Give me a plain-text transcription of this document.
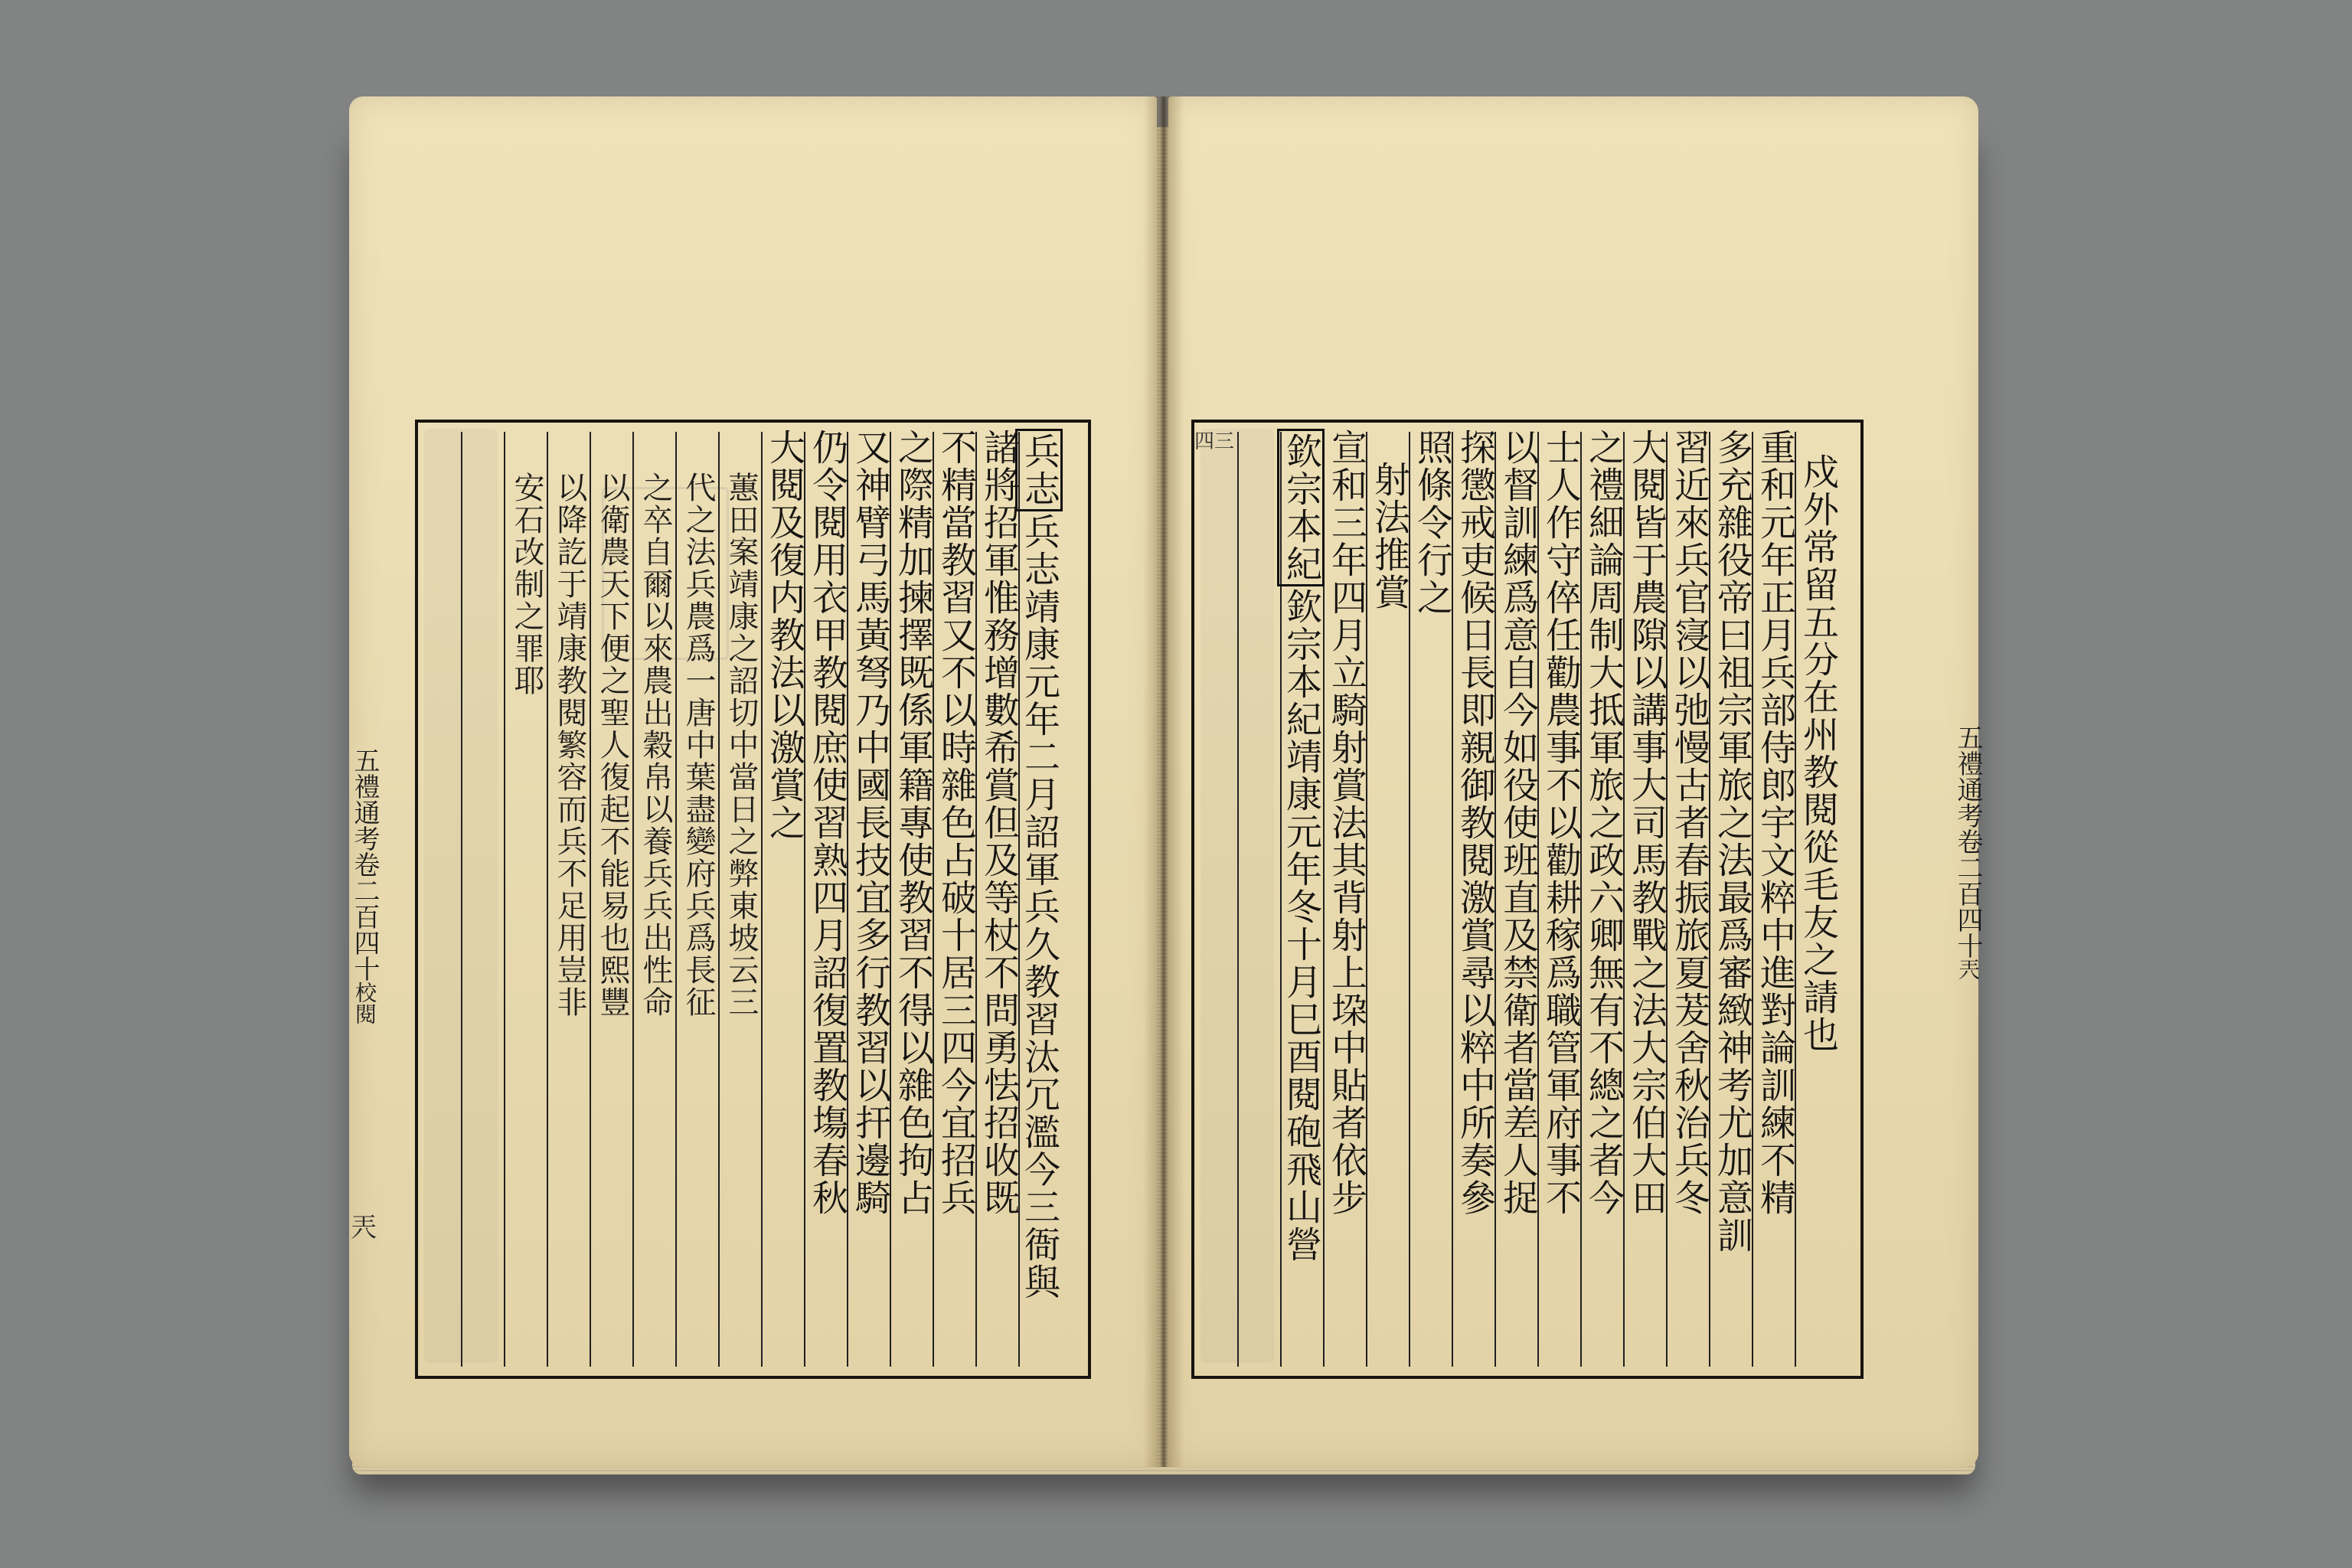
兵志兵志靖康元年二月詔軍兵久教習汰冗濫今三衙與
諸將招軍惟務增數希賞但及等杖不問勇怯招收既
不精當教習又不以時雜色占破十居三四今宜招兵
之際精加揀擇既係軍籍專使教習不得以雜色拘占
又神臂弓馬黃弩乃中國長技宜多行教習以扞邊騎
仍令閱用衣甲教閱庶使習熟四月詔復置教塲春秋
大閱及復内教法以激賞之
蕙田案靖康之詔切中當日之弊東坡云三
代之法兵農爲一唐中葉盡變府兵爲長征
之卒自爾以來農出穀帛以養兵兵出性命
以衛農天下便之聖人復起不能易也熙豐
以降訖于靖康教閱繁容而兵不足用豈非
安石改制之罪耶	戍外常留五分在州教閱從毛友之請也
重和元年正月兵部侍郎宇文粹中進對論訓練不精
多充雜役帝曰祖宗軍旅之法最爲審緻神考尤加意訓
習近來兵官寖以弛慢古者春振旅夏茇舍秋治兵冬
大閱皆于農隙以講事大司馬教戰之法大宗伯大田
之禮細論周制大抵軍旅之政六卿無有不總之者今
士人作守倅任勸農事不以勸耕稼爲職管軍府事不
以督訓練爲意自今如役使班直及禁衛者當差人捉
探懲戒吏候日長即親御教閱激賞尋以粹中所奏參
照條令行之
射法推賞
宣和三年四月立騎射賞法其背射上垜中貼者依步
欽宗本紀欽宗本紀靖康元年冬十月巳酉閱砲飛山營
五禮通考卷二百四十校閱
兲
四三
五禮通考卷二百四十兲
